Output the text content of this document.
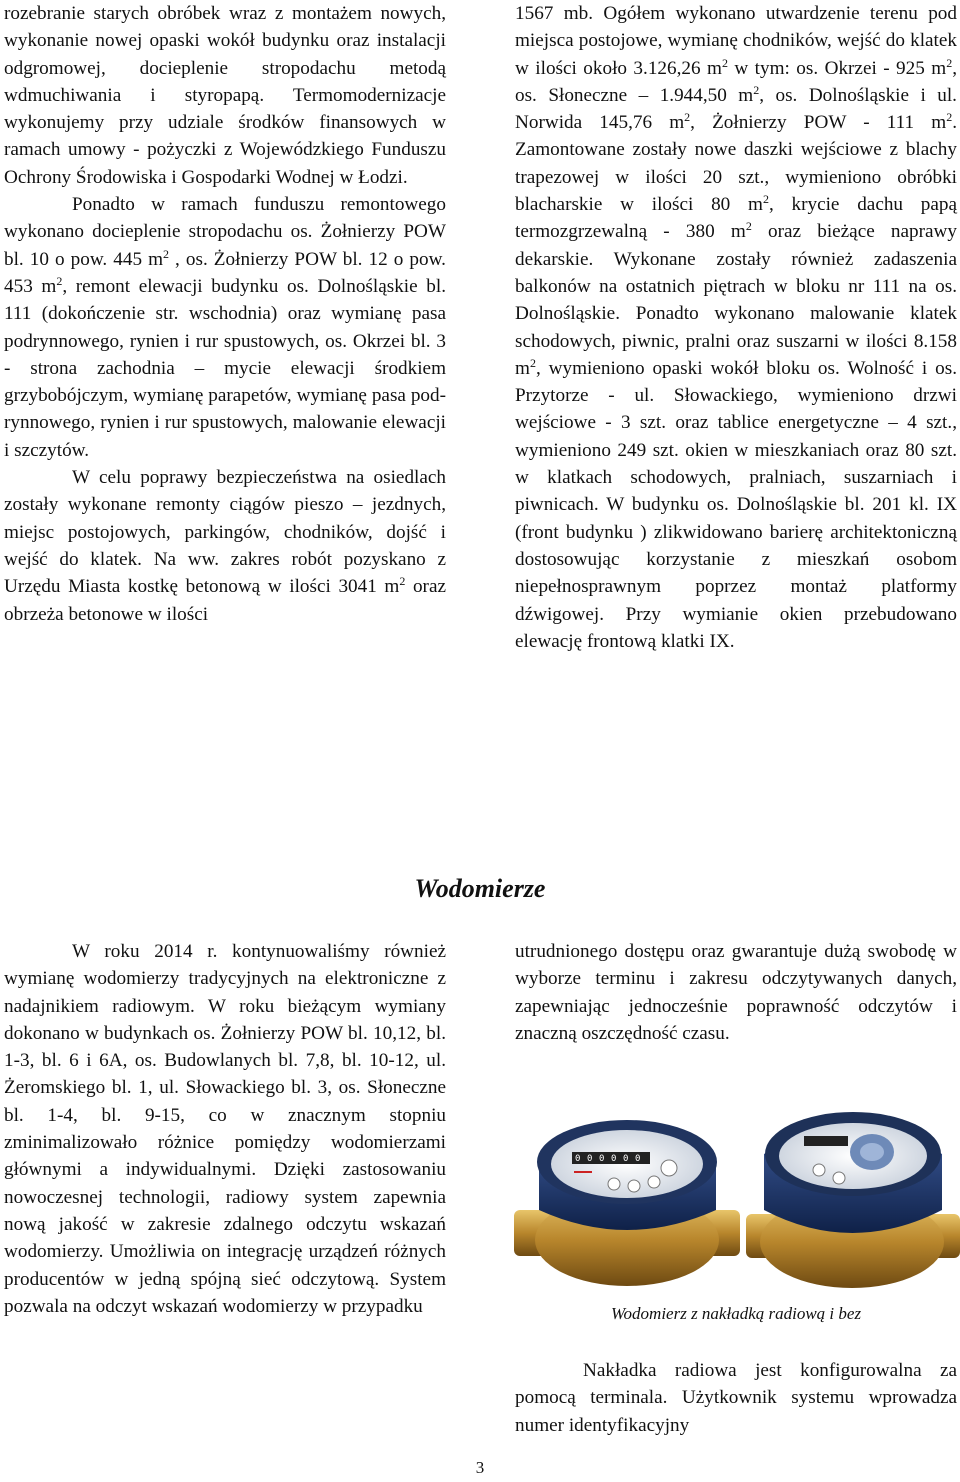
rozebranie starych obróbek wraz z montażem nowych, wykonanie nowej opaski wokół budynku oraz instalacji odgromowej, docieplenie stropodachu metodą wdmuchiwania i styropapą. Termomodernizacje wykonujemy przy udziale środków finansowych w ramach umowy - pożyczki z Wojewódzkiego Funduszu Ochrony Środowiska i Gospodarki Wodnej w Łodzi.

Ponadto w ramach funduszu remontowego wykonano docieplenie stropodachu os. Żołnierzy POW bl. 10 o pow. 445 $m^2$ , os. Żołnierzy POW bl. 12 o pow. 453 $m^2$, remont elewacji budynku os. Dolnośląskie bl. 111 (dokończenie str. wschodnia) oraz wymianę pasa podrynnowego, rynien i rur spustowych, os. Okrzei bl. 3 - strona zachodnia – mycie elewacji środkiem grzybobójczym, wymianę parapetów, wymianę pasa pod-rynnowego, rynien i rur spustowych, malowanie elewacji i szczytów.

W celu poprawy bezpieczeństwa na osiedlach zostały wykonane remonty ciągów pieszo – jezdnych, miejsc postojowych, parkingów, chodników, dojść i wejść do klatek. Na ww. zakres robót pozyskano z Urzędu Miasta kostkę betonową w ilości 3041 $m^2$ oraz obrzeża betonowe w ilości

1567 mb. Ogółem wykonano utwardzenie terenu pod miejsca postojowe, wymianę chodników, wejść do klatek w ilości około 3.126,26 $m^2$ w tym: os. Okrzei - 925 $m^2$, os. Słoneczne – 1.944,50 $m^2$, os. Dolnośląskie i ul. Norwida 145,76 $m^2$, Żołnierzy POW - 111 $m^2$. Zamontowane zostały nowe daszki wejściowe z blachy trapezowej w ilości 20 szt., wymieniono obróbki blacharskie w ilości 80 $m^2$, krycie dachu papą termozgrzewalną - 380 $m^2$ oraz bieżące naprawy dekarskie. Wykonane zostały również zadaszenia balkonów na ostatnich piętrach w bloku nr 111 na os. Dolnośląskie. Ponadto wykonano malowanie klatek schodowych, piwnic, pralni oraz suszarni w ilości 8.158 $m^2$, wymieniono opaski wokół bloku os. Wolność i os. Przytorze - ul. Słowackiego, wymieniono drzwi wejściowe - 3 szt. oraz tablice energetyczne – 4 szt., wymieniono 249 szt. okien w mieszkaniach oraz 80 szt. w klatkach schodowych, pralniach, suszarniach i piwnicach. W budynku os. Dolnośląskie bl. 201 kl. IX (front budynku ) zlikwidowano barierę architektoniczną dostosowując korzystanie z mieszkań osobom niepełnosprawnym poprzez montaż platformy dźwigowej. Przy wymianie okien przebudowano elewację frontową klatki IX.

Wodomierze

W roku 2014 r. kontynuowaliśmy również wymianę wodomierzy tradycyjnych na elektroniczne z nadajnikiem radiowym. W roku bieżącym wymiany dokonano w budynkach os. Żołnierzy POW bl. 10,12, bl. 1-3, bl. 6 i 6A, os. Budowlanych bl. 7,8, bl. 10-12, ul. Żeromskiego bl. 1, ul. Słowackiego bl. 3, os. Słoneczne bl. 1-4, bl. 9-15, co w znacznym stopniu zminimalizowało różnice pomiędzy wodomierzami głównymi a indywidualnymi. Dzięki zastosowaniu nowoczesnej technologii, radiowy system zapewnia nową jakość w zakresie zdalnego odczytu wskazań wodomierzy. Umożliwia on integrację urządzeń różnych producentów w jedną spójną sieć odczytową. System pozwala na odczyt wskazań wodomierzy w przypadku

utrudnionego dostępu oraz gwarantuje dużą swobodę w wyborze terminu i zakresu odczytywanych danych, zapewniając jednocześnie poprawność odczytów i znaczną oszczędność czasu.

0 0 0 0 0 0
Wodomierz z nakładką radiową i bez

Nakładka radiowa jest konfigurowalna za pomocą terminala. Użytkownik systemu wprowadza numer identyfikacyjny

3
